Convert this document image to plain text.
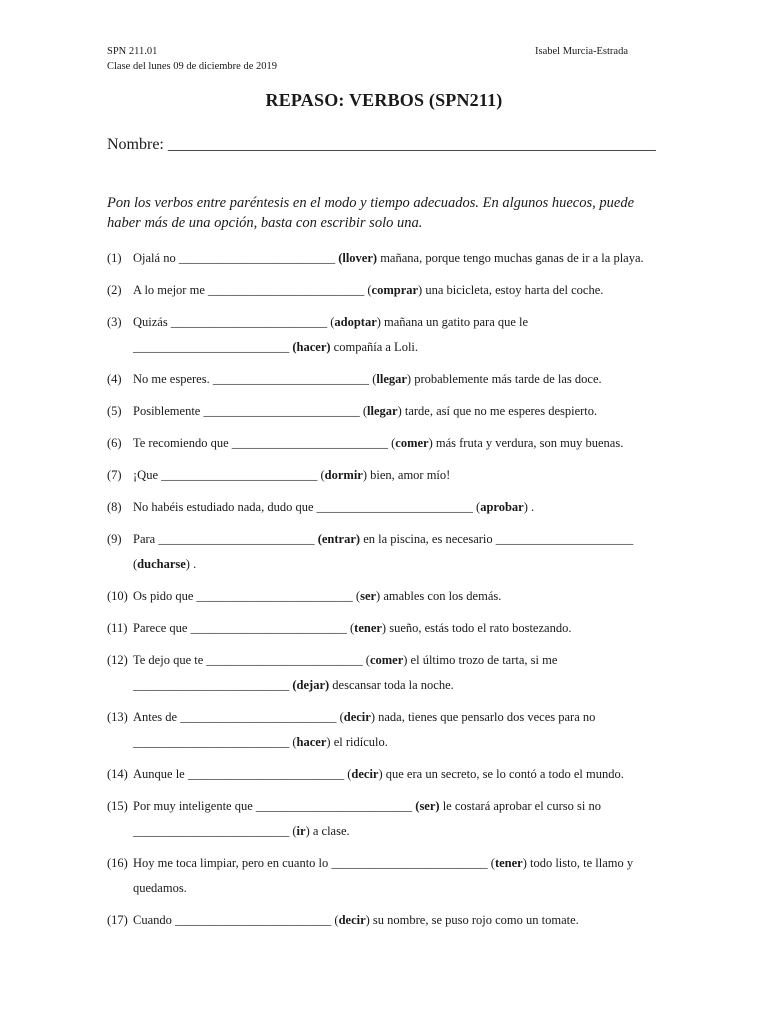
SPN 211.01
Clase del lunes 09 de diciembre de 2019
Isabel Murcia-Estrada
REPASO: VERBOS (SPN211)
Nombre: _____________________________________________________________
Pon los verbos entre paréntesis en el modo y tiempo adecuados. En algunos huecos, puede haber más de una opción, basta con escribir solo una.
(1) Ojalá no _________________________ (llover) mañana, porque tengo muchas ganas de ir a la playa.
(2) A lo mejor me _________________________ (comprar) una bicicleta, estoy harta del coche.
(3) Quizás _________________________ (adoptar) mañana un gatito para que le
_________________________ (hacer) compañía a Loli.
(4) No me esperes. _________________________ (llegar) probablemente más tarde de las doce.
(5) Posiblemente _________________________ (llegar) tarde, así que no me esperes despierto.
(6) Te recomiendo que _________________________ (comer) más fruta y verdura, son muy buenas.
(7) ¡Que _________________________ (dormir) bien, amor mío!
(8) No habéis estudiado nada, dudo que _________________________ (aprobar) .
(9) Para _________________________ (entrar) en la piscina, es necesario ______________________
(ducharse) .
(10) Os pido que _________________________ (ser) amables con los demás.
(11) Parece que _________________________ (tener) sueño, estás todo el rato bostezando.
(12) Te dejo que te _________________________ (comer) el último trozo de tarta, si me
_________________________ (dejar) descansar toda la noche.
(13) Antes de _________________________ (decir) nada, tienes que pensarlo dos veces para no
_________________________ (hacer) el ridículo.
(14) Aunque le _________________________ (decir) que era un secreto, se lo contó a todo el mundo.
(15) Por muy inteligente que _________________________ (ser) le costará aprobar el curso si no
_________________________ (ir) a clase.
(16) Hoy me toca limpiar, pero en cuanto lo _________________________ (tener) todo listo, te llamo y
quedamos.
(17) Cuando _________________________ (decir) su nombre, se puso rojo como un tomate.
